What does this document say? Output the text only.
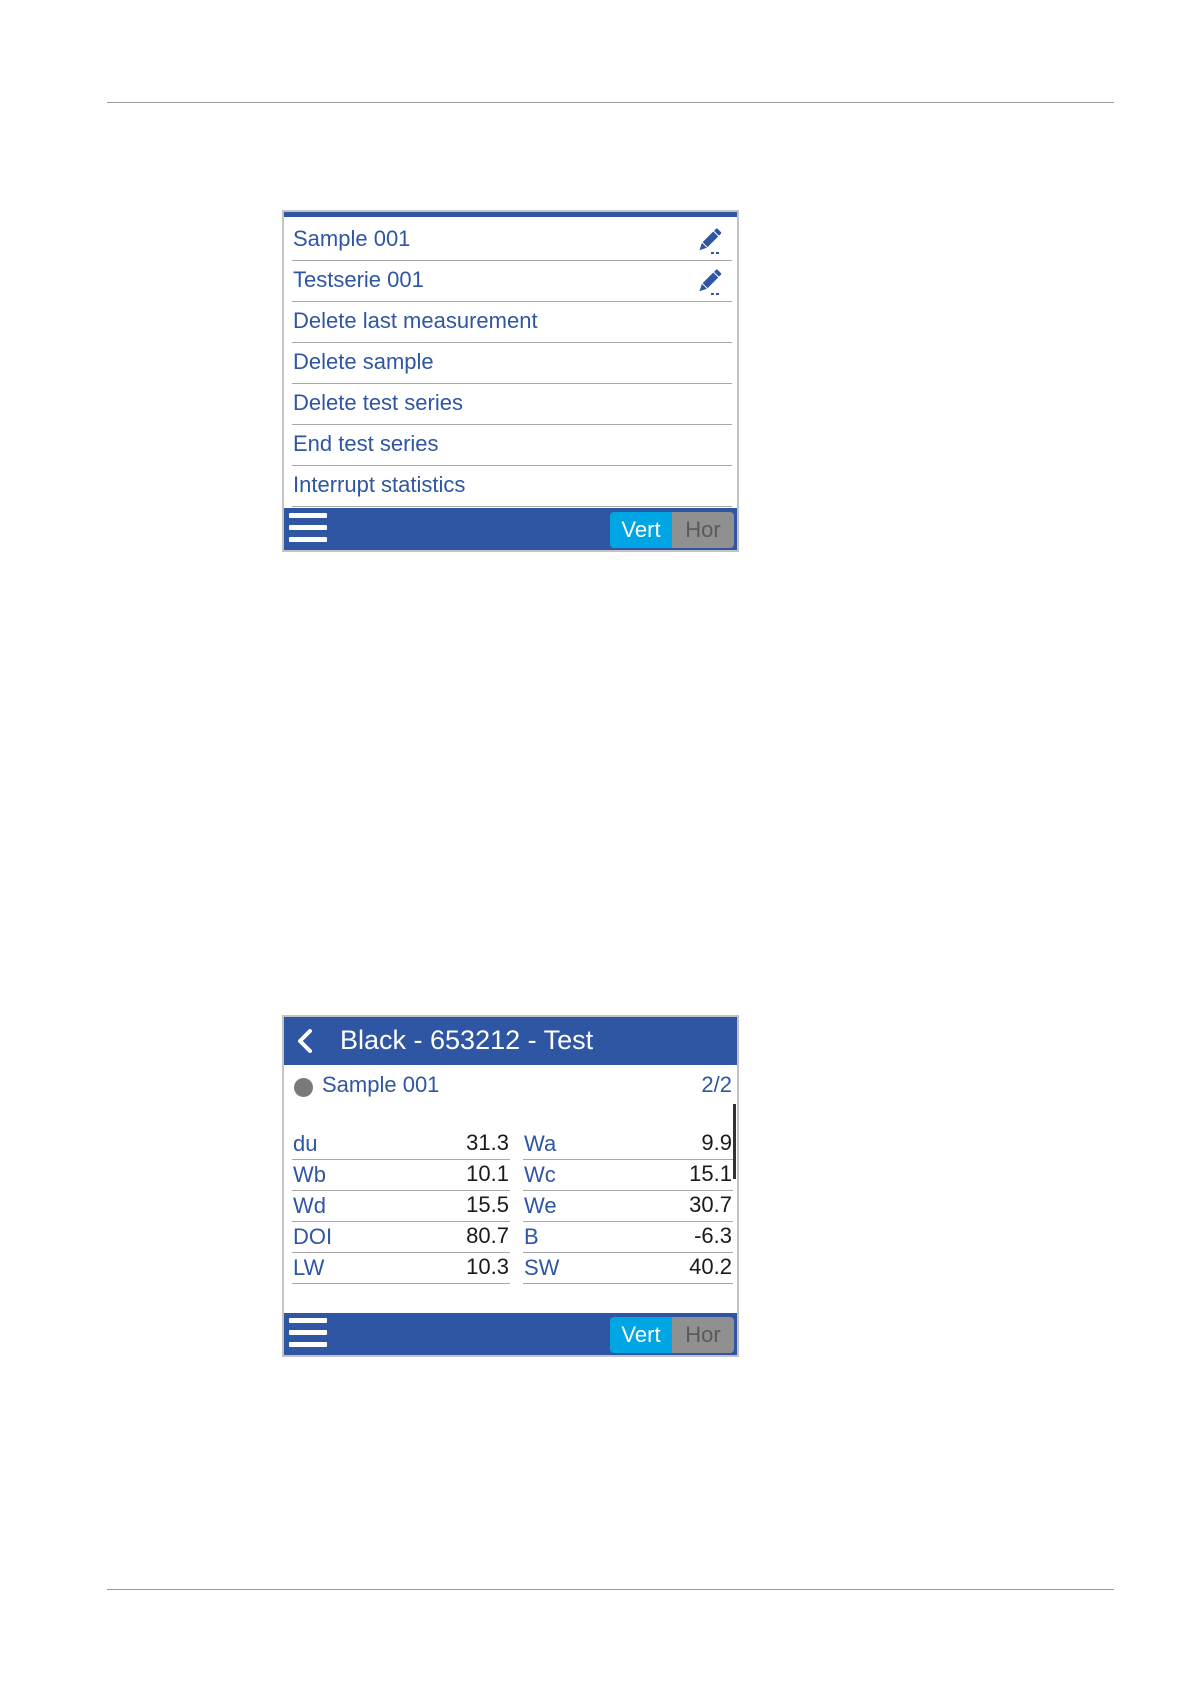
Sample 001
Testserie 001
Delete last measurement
Delete sample
Delete test series
End test series
Interrupt statistics
Vert	Hor
Black - 653212 - Test
Sample 001	2/2
du	31.3 Wa	9.9
Wb	10.1 Wc	15.1
Wd	15.5 We	30.7
DOI	80.7 B	-6.3
LW	10.3 SW	40.2
Vert	Hor
